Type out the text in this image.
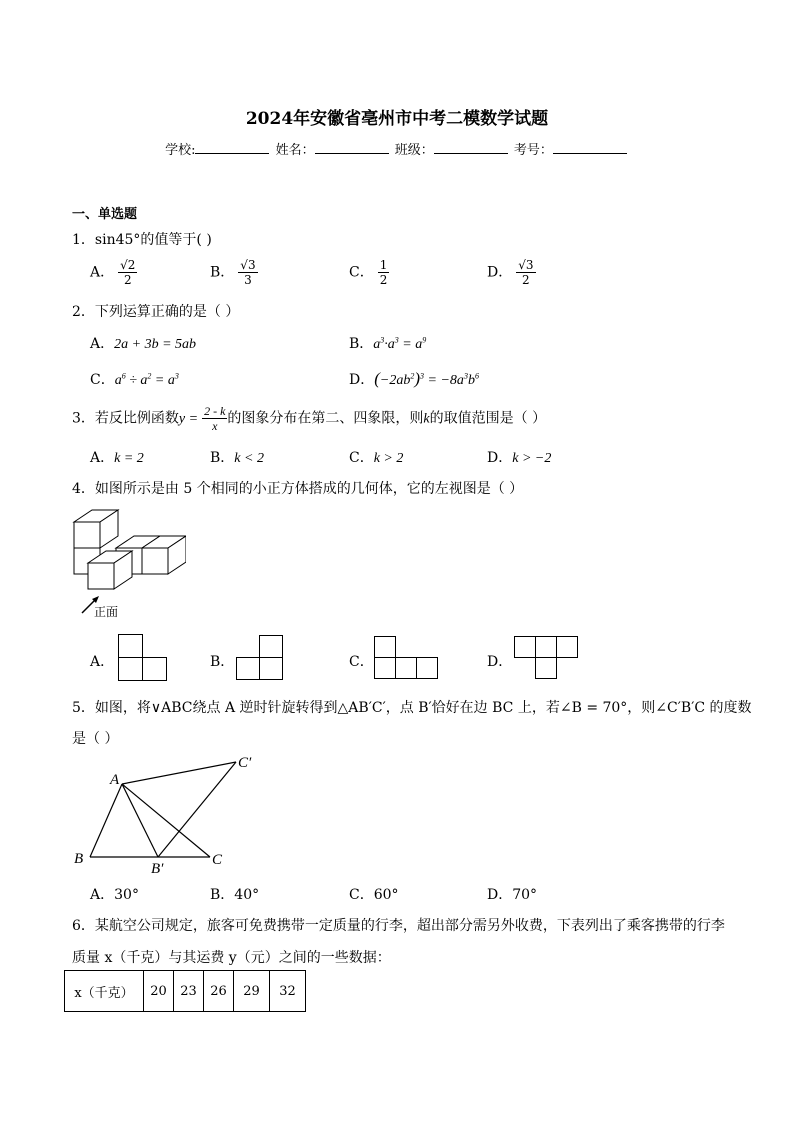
2024年安徽省亳州市中考二模数学试题
学校:	姓名：	班级：	考号：
一、单选题
1．sin45°的值等于( )
A． $\frac{√2}{2}$	B． $\frac{√3}{3}$	C． $\frac{1}{2}$	D． $\frac{√3}{2}$
2．下列运算正确的是（ ）
A．2a + 3b = 5ab	B．$a^3\cdot a^3 = a^9$
C．$a^6 \div a^2 = a^3$	D．$(-2ab^2)^3 = -8a^3b^6$
3．若反比例函数$y = \frac{2 - k}{x}$ 的图象分布在第二、四象限，则k的取值范围是（ ）
A．k = 2	B．k < 2	C．k > 2	D．k > −2
4．如图所示是由 5 个相同的小正方体搭成的几何体，它的左视图是（ ）
正面
A．	B．	C．	D．
5．如图，将∨ABC绕点 A 逆时针旋转得到△AB′C′，点 B′恰好在边 BC 上，若∠B = 70°，则∠C′B′C 的度数
是（ ）
A
B	C
B′
C′
A．30°	B．40°	C．60°	D．70°
6．某航空公司规定，旅客可免费携带一定质量的行李，超出部分需另外收费，下表列出了乘客携带的行李
质量 x（千克）与其运费 y（元）之间的一些数据：
x（千克）	20	23	26	29	32
